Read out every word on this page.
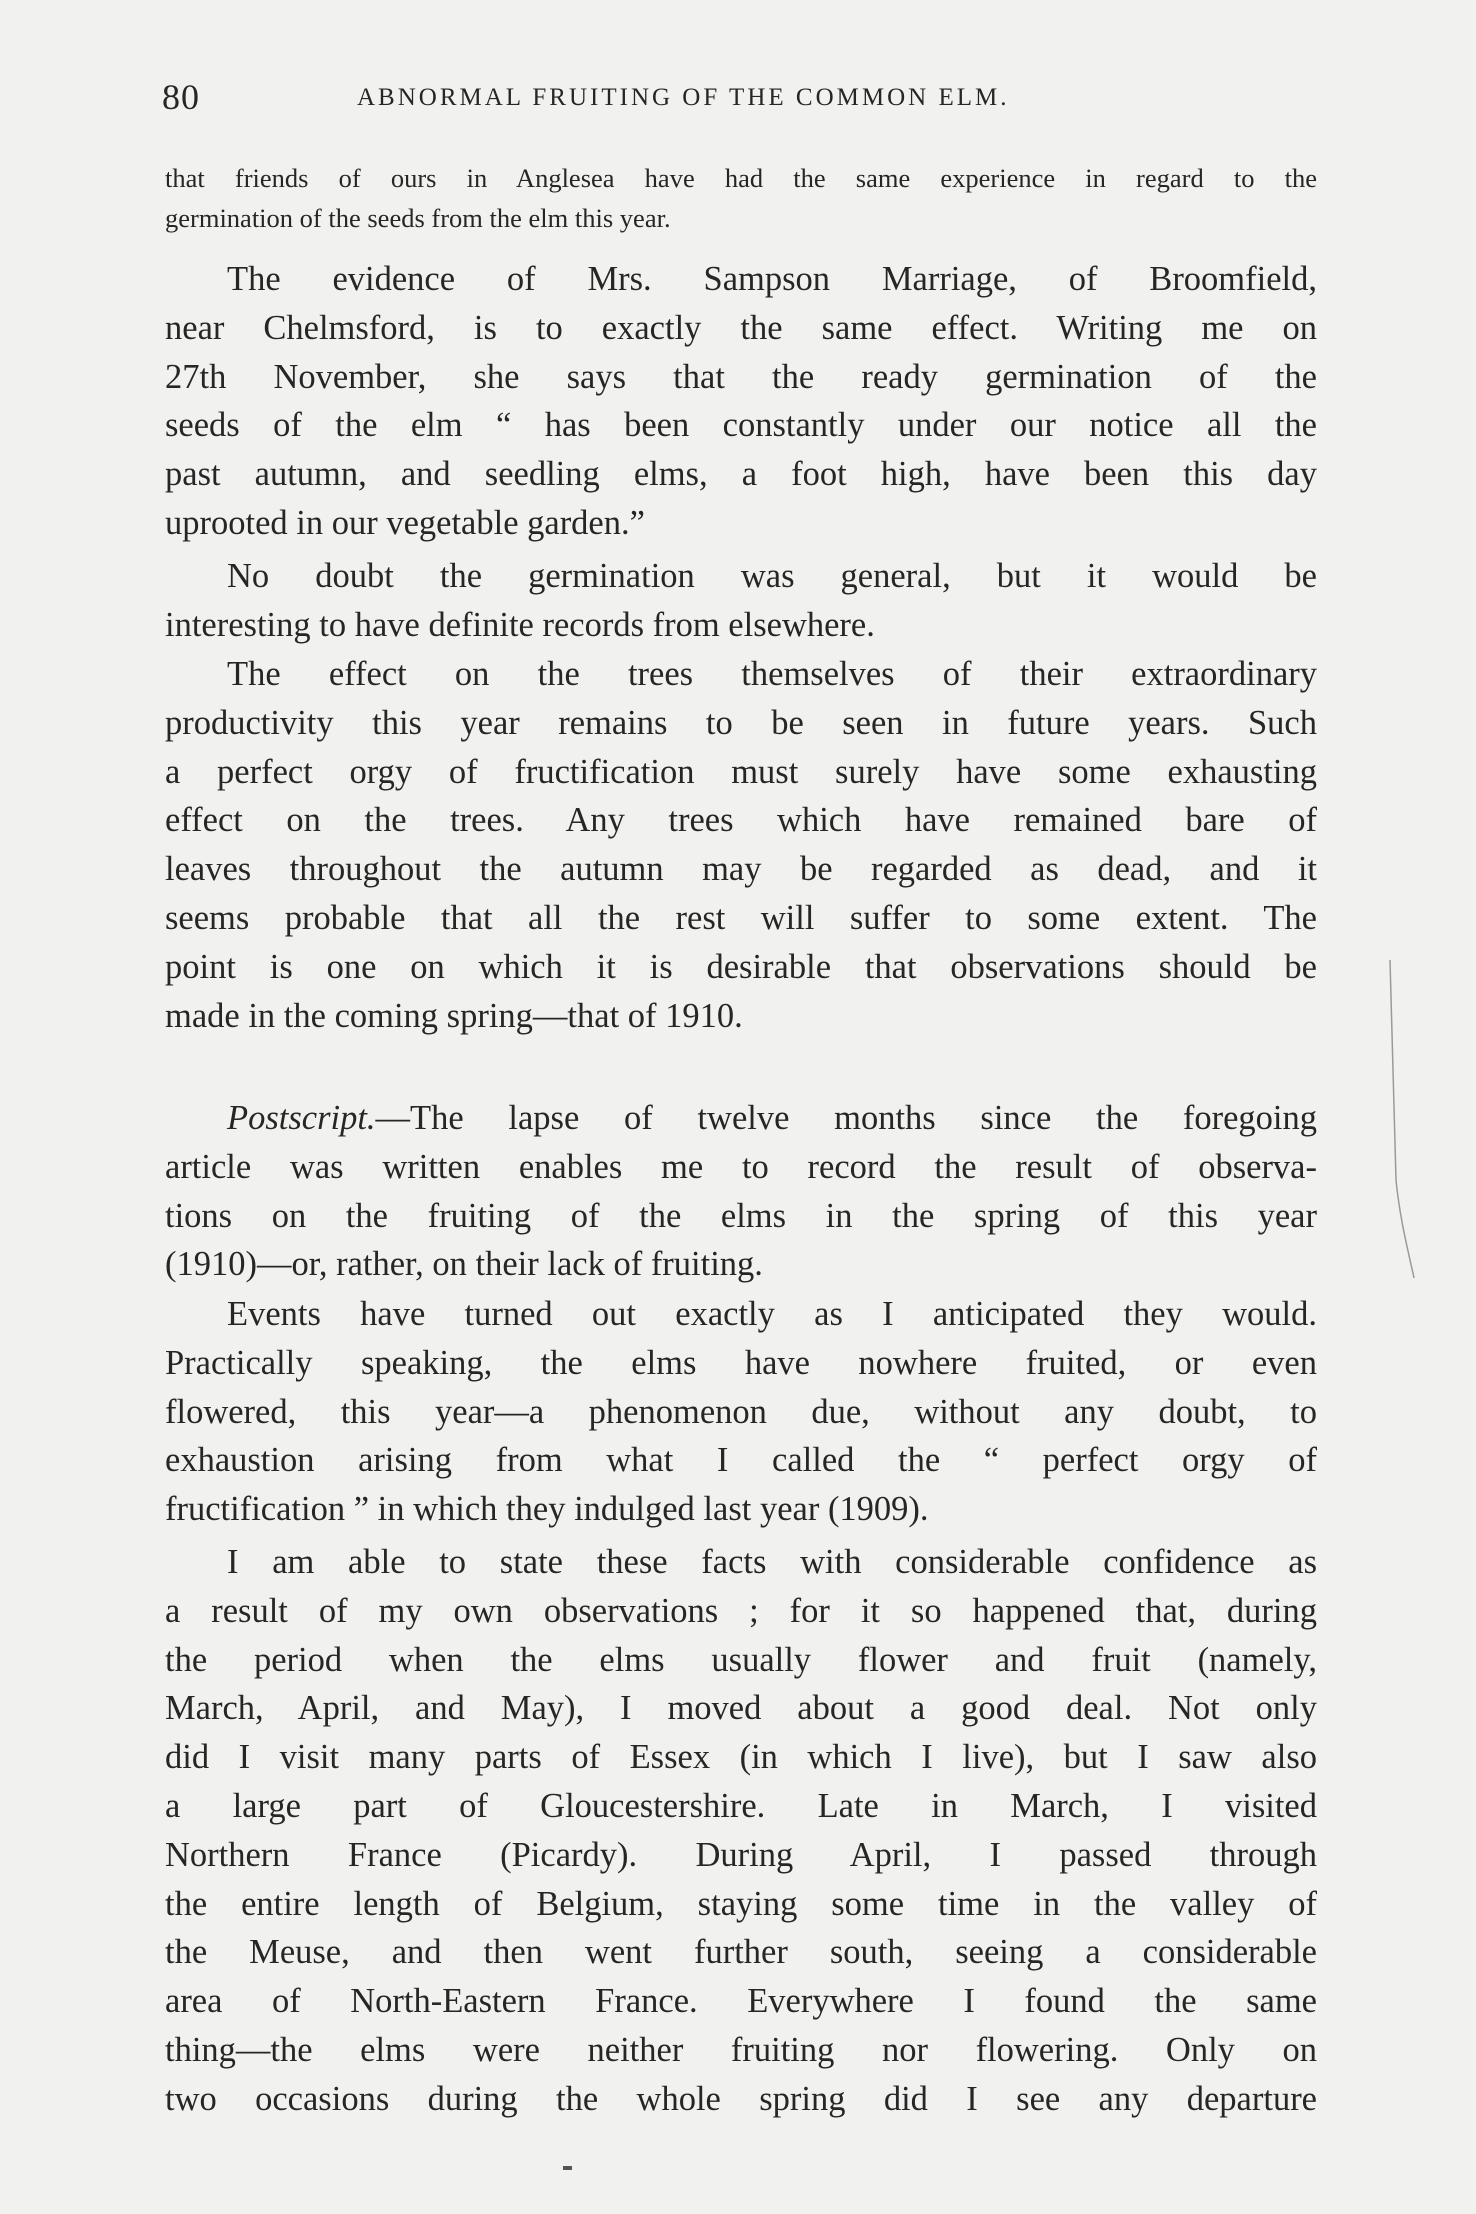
80	ABNORMAL FRUITING OF THE COMMON ELM.
that friends of ours in Anglesea have had the same experience in regard to the
germination of the seeds from the elm this year.
The evidence of Mrs. Sampson Marriage, of Broomfield,
near Chelmsford, is to exactly the same effect. Writing me on
27th November, she says that the ready germination of the
seeds of the elm “ has been constantly under our notice all the
past autumn, and seedling elms, a foot high, have been this day
uprooted in our vegetable garden.”
No doubt the germination was general, but it would be
interesting to have definite records from elsewhere.
The effect on the trees themselves of their extraordinary
productivity this year remains to be seen in future years. Such
a perfect orgy of fructification must surely have some exhausting
effect on the trees. Any trees which have remained bare of
leaves throughout the autumn may be regarded as dead, and it
seems probable that all the rest will suffer to some extent. The
point is one on which it is desirable that observations should be
made in the coming spring—that of 1910.
Postscript.—The lapse of twelve months since the foregoing
article was written enables me to record the result of observa-
tions on the fruiting of the elms in the spring of this year
(1910)—or, rather, on their lack of fruiting.
Events have turned out exactly as I anticipated they would.
Practically speaking, the elms have nowhere fruited, or even
flowered, this year—a phenomenon due, without any doubt, to
exhaustion arising from what I called the “ perfect orgy of
fructification ” in which they indulged last year (1909).
I am able to state these facts with considerable confidence as
a result of my own observations ; for it so happened that, during
the period when the elms usually flower and fruit (namely,
March, April, and May), I moved about a good deal. Not only
did I visit many parts of Essex (in which I live), but I saw also
a large part of Gloucestershire. Late in March, I visited
Northern France (Picardy). During April, I passed through
the entire length of Belgium, staying some time in the valley of
the Meuse, and then went further south, seeing a considerable
area of North-Eastern France. Everywhere I found the same
thing—the elms were neither fruiting nor flowering. Only on
two occasions during the whole spring did I see any departure
